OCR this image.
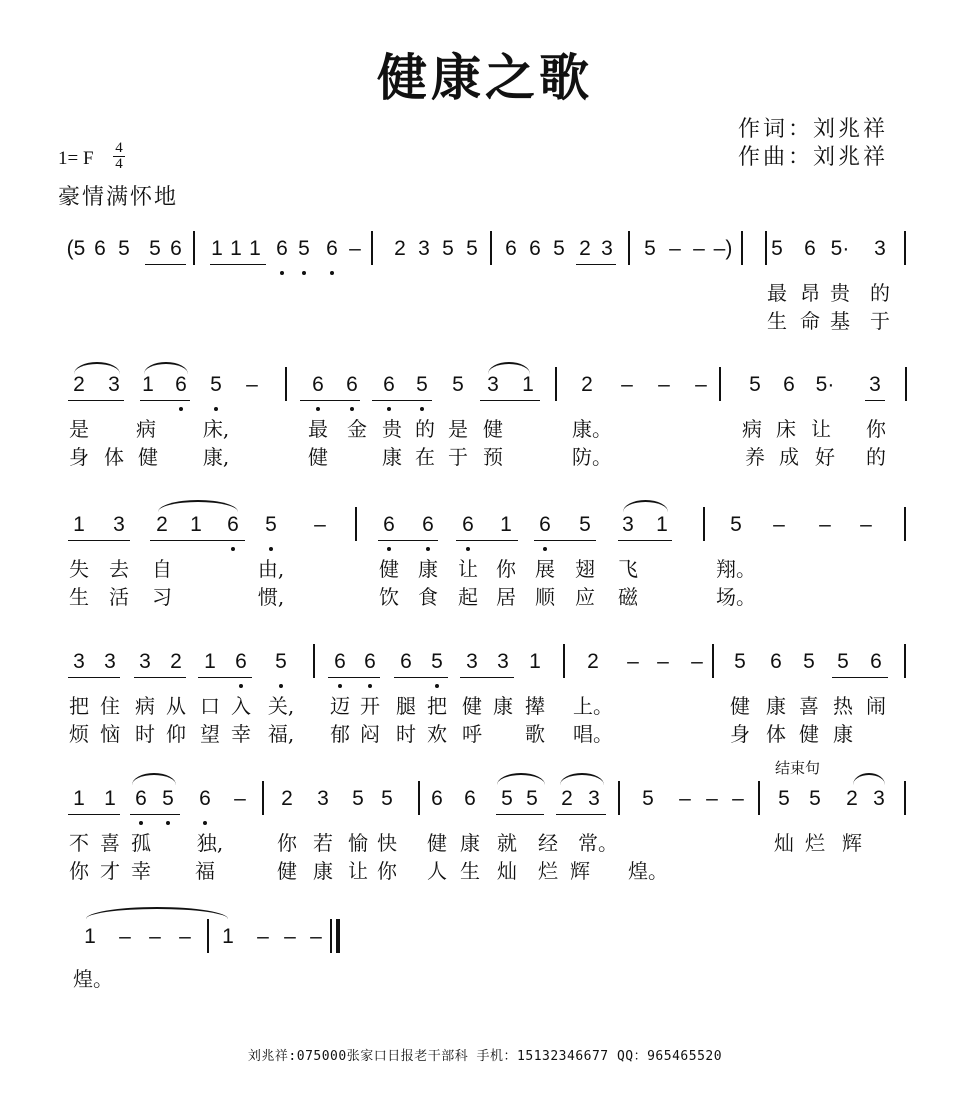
健康之歌
作词：刘兆祥
作曲：刘兆祥
1= F 4
4
豪情满怀地
结束句
(5 6 5 5 6 1 1 1 6 5 6 – 2 3 5 5 6 6 5 2 3 5 – – –) 5 6 5· 3
最 昂 贵 的
生 命 基 于
2 3 1 6 5 –	6 6 6 5 5 3 1 2 – – – 5 6 5· 3
是 病 床,	最 金 贵 的 是 健	康。	病 床 让 你
身 体 健 康,	健	康 在 于 预	防。	养 成 好 的
1 3 2 1 6 5 –	6 6 6 1 6 5 3 1	5 – – –
失 去 自	由,	健 康 让 你 展 翅 飞	翔。
生 活 习	惯,	饮 食 起 居 顺 应 磁	场。
3 3 3 2 1 6 5 6 6 6 5 3 3 1 2 – – – 5 6 5 5 6
把 住 病 从 口 入 关, 迈 开 腿 把 健 康 撵 上。	健 康 喜 热 闹
烦 恼 时 仰 望 幸 福, 郁 闷 时 欢 呼 歌 唱。	身 体 健 康
1 1 6 5 6 – 2 3 5 5 6 6 5 5 2 3 5 – – – 5 5 2 3
不 喜 孤 独,	你 若 愉 快 健 康 就 经 常。	灿 烂 辉
你 才 幸 福	健 康 让 你 人 生 灿 烂 辉 煌。
1 – – – 1 – – –
煌。
刘兆祥:075000张家口日报老干部科 手机：15132346677 QQ：965465520
